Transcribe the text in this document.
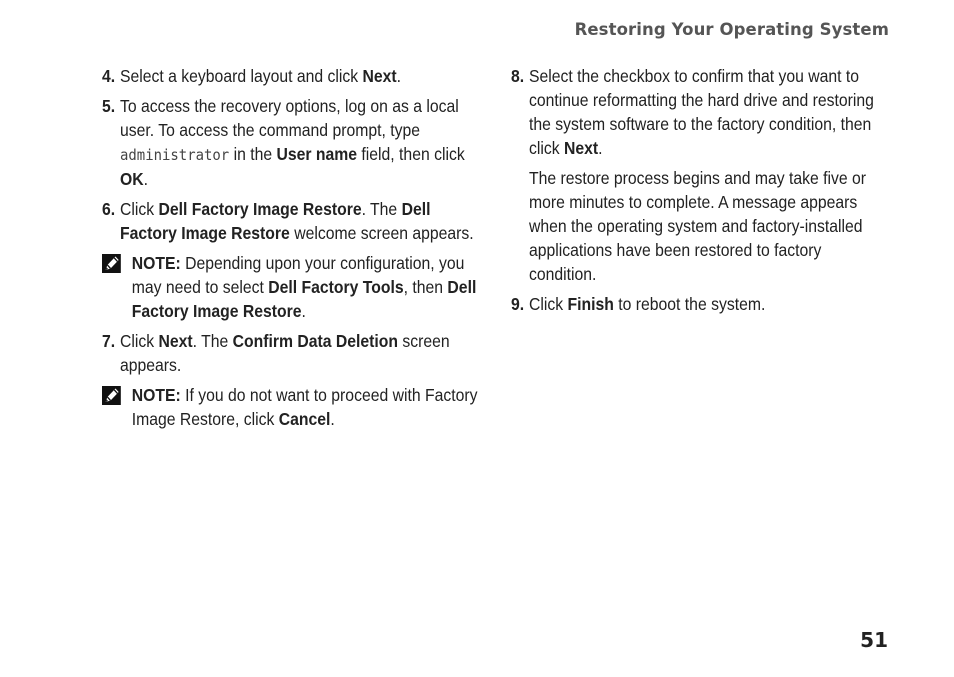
Restoring Your Operating System
4. Select a keyboard layout and click Next.
5. To access the recovery options, log on as a local user. To access the command prompt, type administrator in the User name field, then click OK.
6. Click Dell Factory Image Restore. The Dell Factory Image Restore welcome screen appears.
NOTE: Depending upon your configuration, you may need to select Dell Factory Tools, then Dell Factory Image Restore.
7. Click Next. The Confirm Data Deletion screen appears.
NOTE: If you do not want to proceed with Factory Image Restore, click Cancel.
8. Select the checkbox to confirm that you want to continue reformatting the hard drive and restoring the system software to the factory condition, then click Next.
The restore process begins and may take five or more minutes to complete. A message appears when the operating system and factory-installed applications have been restored to factory condition.
9. Click Finish to reboot the system.
51
